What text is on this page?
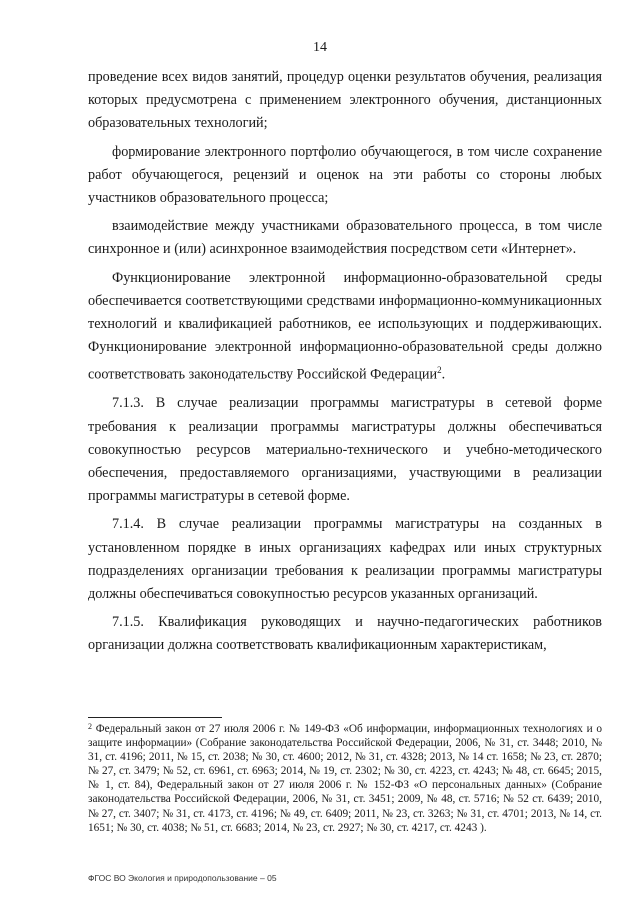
14

проведение всех видов занятий, процедур оценки результатов обучения, реализация которых предусмотрена с применением электронного обучения, дистанционных образовательных технологий;

формирование электронного портфолио обучающегося, в том числе сохранение работ обучающегося, рецензий и оценок на эти работы со стороны любых участников образовательного процесса;

взаимодействие между участниками образовательного процесса, в том числе синхронное и (или) асинхронное взаимодействия посредством сети «Интернет».

Функционирование электронной информационно-образовательной среды обеспечивается соответствующими средствами информационно-коммуникационных технологий и квалификацией работников, ее использующих и поддерживающих. Функционирование электронной информационно-образовательной среды должно соответствовать законодательству Российской Федерации$^2$.

7.1.3. В случае реализации программы магистратуры в сетевой форме требования к реализации программы магистратуры должны обеспечиваться совокупностью ресурсов материально-технического и учебно-методического обеспечения, предоставляемого организациями, участвующими в реализации программы магистратуры в сетевой форме.

7.1.4. В случае реализации программы магистратуры на созданных в установленном порядке в иных организациях кафедрах или иных структурных подразделениях организации требования к реализации программы магистратуры должны обеспечиваться совокупностью ресурсов указанных организаций.

7.1.5. Квалификация руководящих и научно-педагогических работников организации должна соответствовать квалификационным характеристикам,

$^2$ Федеральный закон от 27 июля 2006 г. № 149-ФЗ «Об информации, информационных технологиях и о защите информации» (Собрание законодательства Российской Федерации, 2006, № 31, ст. 3448; 2010, № 31, ст. 4196; 2011, № 15, ст. 2038; № 30, ст. 4600; 2012, № 31, ст. 4328; 2013, № 14 ст. 1658; № 23, ст. 2870; № 27, ст. 3479; № 52, ст. 6961, ст. 6963; 2014, № 19, ст. 2302; № 30, ст. 4223, ст. 4243; № 48, ст. 6645; 2015, № 1, ст. 84), Федеральный закон от 27 июля 2006 г. № 152-ФЗ «О персональных данных» (Собрание законодательства Российской Федерации, 2006, № 31, ст. 3451; 2009, № 48, ст. 5716; № 52 ст. 6439; 2010, № 27, ст. 3407; № 31, ст. 4173, ст. 4196; № 49, ст. 6409; 2011, № 23, ст. 3263; № 31, ст. 4701; 2013, № 14, ст. 1651; № 30, ст. 4038; № 51, ст. 6683; 2014, № 23, ст. 2927; № 30, ст. 4217, ст. 4243 ).
ФГОС ВО Экология и природопользование – 05
